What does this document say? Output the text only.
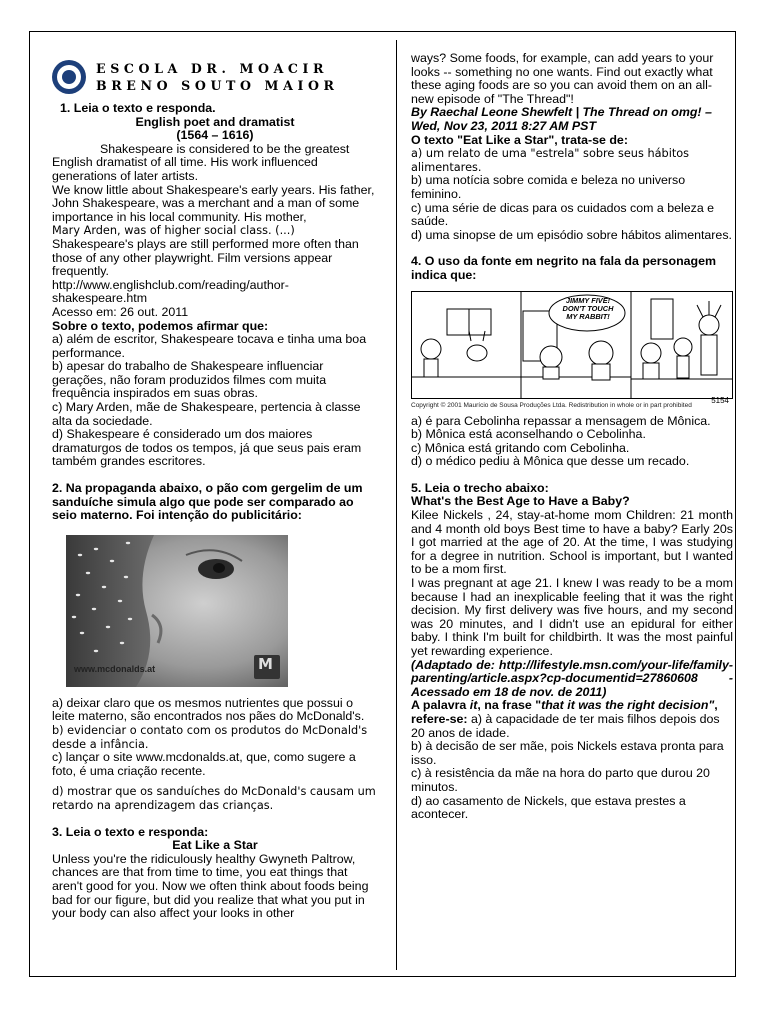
ESCOLA DR. MOACIR
BRENO SOUTO MAIOR

1. Leia o texto e responda.

English poet and dramatist

(1564 – 1616)

Shakespeare is considered to be the greatest English dramatist of all time. His work influenced generations of later artists.

We know little about Shakespeare's early years. His father, John Shakespeare, was a merchant and a man of some importance in his local community. His mother,

Mary Arden, was of higher social class. (...)

Shakespeare's plays are still performed more often than those of any other playwright. Film versions appear frequently.

http://www.englishclub.com/reading/author-shakespeare.htm

Acesso em: 26 out. 2011

Sobre o texto, podemos afirmar que:

a) além de escritor, Shakespeare tocava e tinha uma boa performance.

b) apesar do trabalho de Shakespeare influenciar gerações, não foram produzidos filmes com muita frequência inspirados em suas obras.

c) Mary Arden, mãe de Shakespeare, pertencia à classe alta da sociedade.

d) Shakespeare é considerado um dos maiores dramaturgos de todos os tempos, já que seus pais eram também grandes escritores.

2. Na propaganda abaixo, o pão com gergelim de um sanduíche simula algo que pode ser comparado ao seio materno. Foi intenção do publicitário:

www.mcdonalds.at	M

a) deixar claro que os mesmos nutrientes que possui o leite materno, são encontrados nos pães do McDonald's.

b) evidenciar o contato com os produtos do McDonald's desde a infância.

c) lançar o site www.mcdonalds.at, que, como sugere a foto, é uma criação recente.

d) mostrar que os sanduíches do McDonald's causam um retardo na aprendizagem das crianças.

3. Leia o texto e responda:

Eat Like a Star

Unless you're the ridiculously healthy Gwyneth Paltrow, chances are that from time to time, you eat things that aren't good for you. Now we often think about foods being bad for our figure, but did you realize that what you put in your body can also affect your looks in other

ways? Some foods, for example, can add years to your looks -- something no one wants. Find out exactly what these aging foods are so you can avoid them on an all-new episode of "The Thread"!

By Raechal Leone Shewfelt | The Thread on omg! – Wed, Nov 23, 2011 8:27 AM PST

O texto "Eat Like a Star", trata-se de:

a) um relato de uma "estrela" sobre seus hábitos alimentares.

b) uma notícia sobre comida e beleza no universo feminino.

c) uma série de dicas para os cuidados com a beleza e saúde.

d) uma sinopse de um episódio sobre hábitos alimentares.

4. O uso da fonte em negrito na fala da personagem indica que:

JIMMY FIVE! DON'T TOUCH MY RABBIT!
Copyright © 2001 Maurício de Sousa Produções Ltda. Redistribution in whole or in part prohibited
5154

a) é para Cebolinha repassar a mensagem de Mônica.

b) Mônica está aconselhando o Cebolinha.

c) Mônica está gritando com Cebolinha.

d) o médico pediu à Mônica que desse um recado.

5. Leia o trecho abaixo:

What's the Best Age to Have a Baby?

Kilee Nickels , 24, stay-at-home mom Children: 21 month and 4 month old boys Best time to have a baby? Early 20s I got married at the age of 20. At the time, I was studying for a degree in nutrition. School is important, but I wanted to be a mom first.

I was pregnant at age 21. I knew I was ready to be a mom because I had an inexplicable feeling that it was the right decision. My first delivery was five hours, and my second was 20 minutes, and I didn't use an epidural for either baby. I think I'm built for childbirth. It was the most painful yet rewarding experience.

(Adaptado de: http://lifestyle.msn.com/your-life/family-parenting/article.aspx?cp-documentid=27860608 - Acessado em 18 de nov. de 2011)

A palavra it, na frase "that it was the right decision", refere-se: a) à capacidade de ter mais filhos depois dos 20 anos de idade.

b) à decisão de ser mãe, pois Nickels estava pronta para isso.

c) à resistência da mãe na hora do parto que durou 20 minutos.

d) ao casamento de Nickels, que estava prestes a acontecer.
